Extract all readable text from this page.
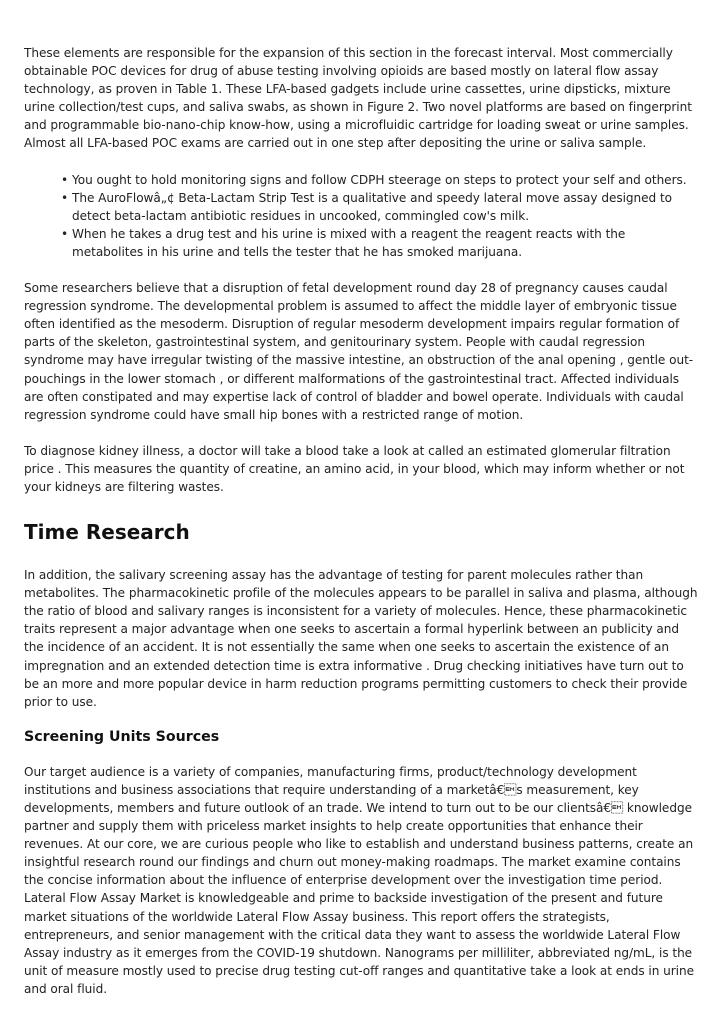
These elements are responsible for the expansion of this section in the forecast interval. Most commercially obtainable POC devices for drug of abuse testing involving opioids are based mostly on lateral flow assay technology, as proven in Table 1. These LFA-based gadgets include urine cassettes, urine dipsticks, mixture urine collection/test cups, and saliva swabs, as shown in Figure 2. Two novel platforms are based on fingerprint and programmable bio-nano-chip know-how, using a microfluidic cartridge for loading sweat or urine samples. Almost all LFA-based POC exams are carried out in one step after depositing the urine or saliva sample.

• You ought to hold monitoring signs and follow CDPH steerage on steps to protect your self and others.
• The AuroFlowâ„¢ Beta-Lactam Strip Test is a qualitative and speedy lateral move assay designed to detect beta-lactam antibiotic residues in uncooked, commingled cow's milk.
• When he takes a drug test and his urine is mixed with a reagent the reagent reacts with the metabolites in his urine and tells the tester that he has smoked marijuana.

Some researchers believe that a disruption of fetal development round day 28 of pregnancy causes caudal regression syndrome. The developmental problem is assumed to affect the middle layer of embryonic tissue often identified as the mesoderm. Disruption of regular mesoderm development impairs regular formation of parts of the skeleton, gastrointestinal system, and genitourinary system. People with caudal regression syndrome may have irregular twisting of the massive intestine, an obstruction of the anal opening , gentle out-pouchings in the lower stomach , or different malformations of the gastrointestinal tract. Affected individuals are often constipated and may expertise lack of control of bladder and bowel operate. Individuals with caudal regression syndrome could have small hip bones with a restricted range of motion.

To diagnose kidney illness, a doctor will take a blood take a look at called an estimated glomerular filtration price . This measures the quantity of creatine, an amino acid, in your blood, which may inform whether or not your kidneys are filtering wastes.

Time Research

In addition, the salivary screening assay has the advantage of testing for parent molecules rather than metabolites. The pharmacokinetic profile of the molecules appears to be parallel in saliva and plasma, although the ratio of blood and salivary ranges is inconsistent for a variety of molecules. Hence, these pharmacokinetic traits represent a major advantage when one seeks to ascertain a formal hyperlink between an publicity and the incidence of an accident. It is not essentially the same when one seeks to ascertain the existence of an impregnation and an extended detection time is extra informative . Drug checking initiatives have turn out to be an more and more popular device in harm reduction programs permitting customers to check their provide prior to use.

Screening Units Sources

Our target audience is a variety of companies, manufacturing firms, product/technology development institutions and business associations that require understanding of a marketâ€s measurement, key developments, members and future outlook of an trade. We intend to turn out to be our clientsâ€ knowledge partner and supply them with priceless market insights to help create opportunities that enhance their revenues. At our core, we are curious people who like to establish and understand business patterns, create an insightful research round our findings and churn out money-making roadmaps. The market examine contains the concise information about the influence of enterprise development over the investigation time period. Lateral Flow Assay Market is knowledgeable and prime to backside investigation of the present and future market situations of the worldwide Lateral Flow Assay business. This report offers the strategists, entrepreneurs, and senior management with the critical data they want to assess the worldwide Lateral Flow Assay industry as it emerges from the COVID-19 shutdown. Nanograms per milliliter, abbreviated ng/mL, is the unit of measure mostly used to precise drug testing cut-off ranges and quantitative take a look at ends in urine and oral fluid.
